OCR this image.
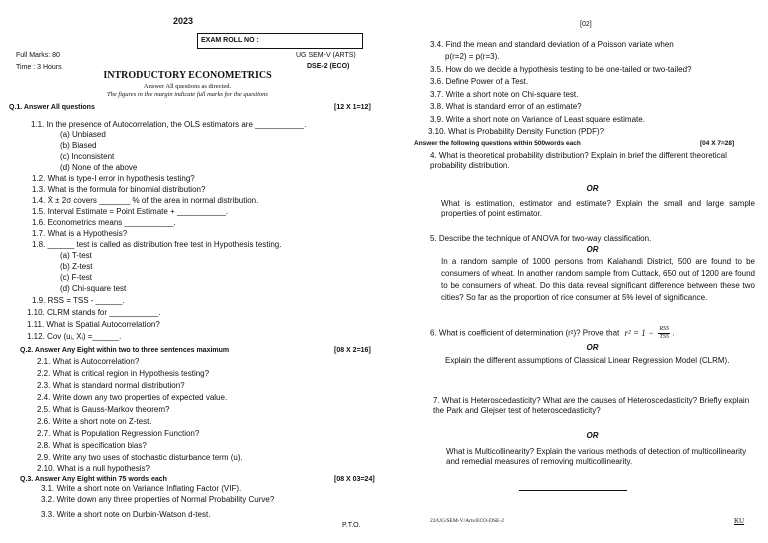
2023
EXAM ROLL NO :
Full Marks: 80
Time : 3 Hours
UG SEM-V (ARTS)
DSE-2 (ECO)
INTRODUCTORY ECONOMETRICS
Answer All questions as directed.
The figures in the margin indicate full marks for the questions
Q.1. Answer All questions	[12 X 1=12]
1.1. In the presence of Autocorrelation, the OLS estimators are ___________.
(a) Unbiased
(b) Biased
(c) Inconsistent
(d) None of the above
1.2. What is type-I error in hypothesis testing?
1.3. What is the formula for binomial distribution?
1.4. X̄ ± 2σ covers _______ % of the area in normal distribution.
1.5. Interval Estimate = Point Estimate + ___________.
1.6. Econometrics means ___________.
1.7. What is a Hypothesis?
1.8. ______ test is called as distribution free test in Hypothesis testing.
(a) T-test
(b) Z-test
(c) F-test
(d) Chi-square test
1.9. RSS = TSS - ______.
1.10. CLRM stands for ___________.
1.11. What is Spatial Autocorrelation?
1.12. Cov (uᵢ, Xᵢ) =______.
Q.2. Answer Any Eight within two to three sentences maximum	[08 X 2=16]
2.1. What is Autocorrelation?
2.2. What is critical region in Hypothesis testing?
2.3. What is standard normal distribution?
2.4. Write down any two properties of expected value.
2.5. What is Gauss-Markov theorem?
2.6. Write a short note on Z-test.
2.7. What is Population Regression Function?
2.8. What is specification bias?
2.9. Write any two uses of stochastic disturbance term (u).
2.10. What is a null hypothesis?
Q.3. Answer Any Eight within 75 words each	[08 X 03=24]
3.1. Write a short note on Variance Inflating Factor (VIF).
3.2. Write down any three properties of Normal Probability Curve?
3.3. Write a short note on Durbin-Watson d-test.
P.T.O.
[02]
3.4. Find the mean and standard deviation of a Poisson variate when
p(r=2) = p(r=3).
3.5. How do we decide a hypothesis testing to be one-tailed or two-tailed?
3.6. Define Power of a Test.
3.7. Write a short note on Chi-square test.
3.8. What is standard error of an estimate?
3.9. Write a short note on Variance of Least square estimate.
3.10. What is Probability Density Function (PDF)?
Answer the following questions within 500words each	[04 X 7=28]
4. What is theoretical probability distribution? Explain in brief the different theoretical probability distribution.
OR
What is estimation, estimator and estimate? Explain the small and large sample properties of point estimator.
5. Describe the technique of ANOVA for two-way classification.
OR
In a random sample of 1000 persons from Kalahandi District, 500 are found to be consumers of wheat. In another random sample from Cuttack, 650 out of 1200 are found to be consumers of wheat. Do this data reveal significant difference between these two cities? So far as the proportion of rice consumer at 5% level of significance.
6. What is coefficient of determination (r²)? Prove that r² = 1 − RSS
TSS .
OR
Explain the different assumptions of Classical Linear Regression Model (CLRM).
7. What is Heteroscedasticity? What are the causes of Heteroscedasticity? Briefly explain the Park and Glejser test of heteroscedasticity?
OR
What is Multicollinearity? Explain the various methods of detection of multicollinearity and remedial measures of removing multicollinearity.
23/UG/SEM-V/Arts/ECO-DSE-2	KU
